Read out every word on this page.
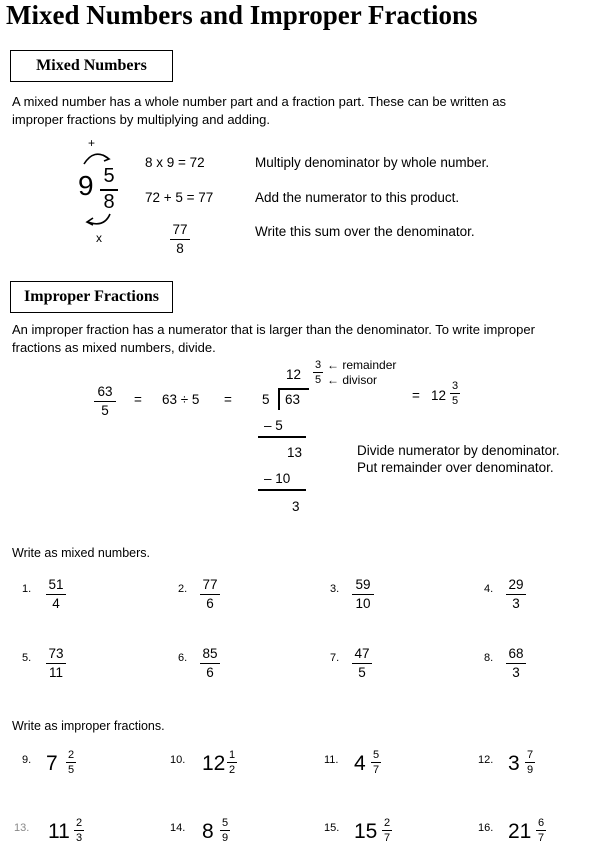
Mixed Numbers and Improper Fractions
Mixed Numbers
A mixed number has a whole number part and a fraction part. These can be written as
improper fractions by multiplying and adding.
+
9 5
8
x
8 x 9 = 72	Multiply denominator by whole number.
72 + 5 = 77	Add the numerator to this product.
77
8
Write this sum over the denominator.
Improper Fractions
An improper fraction has a numerator that is larger than the denominator. To write improper
fractions as mixed numbers, divide.
63
5
= 63 ÷ 5 =
12
3
5
← remainder
← divisor
5 63
– 5
13
– 10
3
= 12
3
5
Divide numerator by denominator.
Put remainder over denominator.
Write as mixed numbers.
1. 51
4
2. 77
6
3. 59
10
4. 29
3
5. 73
11
6. 85
6
7. 47
5
8. 68
3
Write as improper fractions.
9. 7 2
5
10. 12 1
2
11. 4 5
7
12. 3 7
9
13. 11 2
3
14. 8 5
9
15. 15 2
7
16. 21 6
7
